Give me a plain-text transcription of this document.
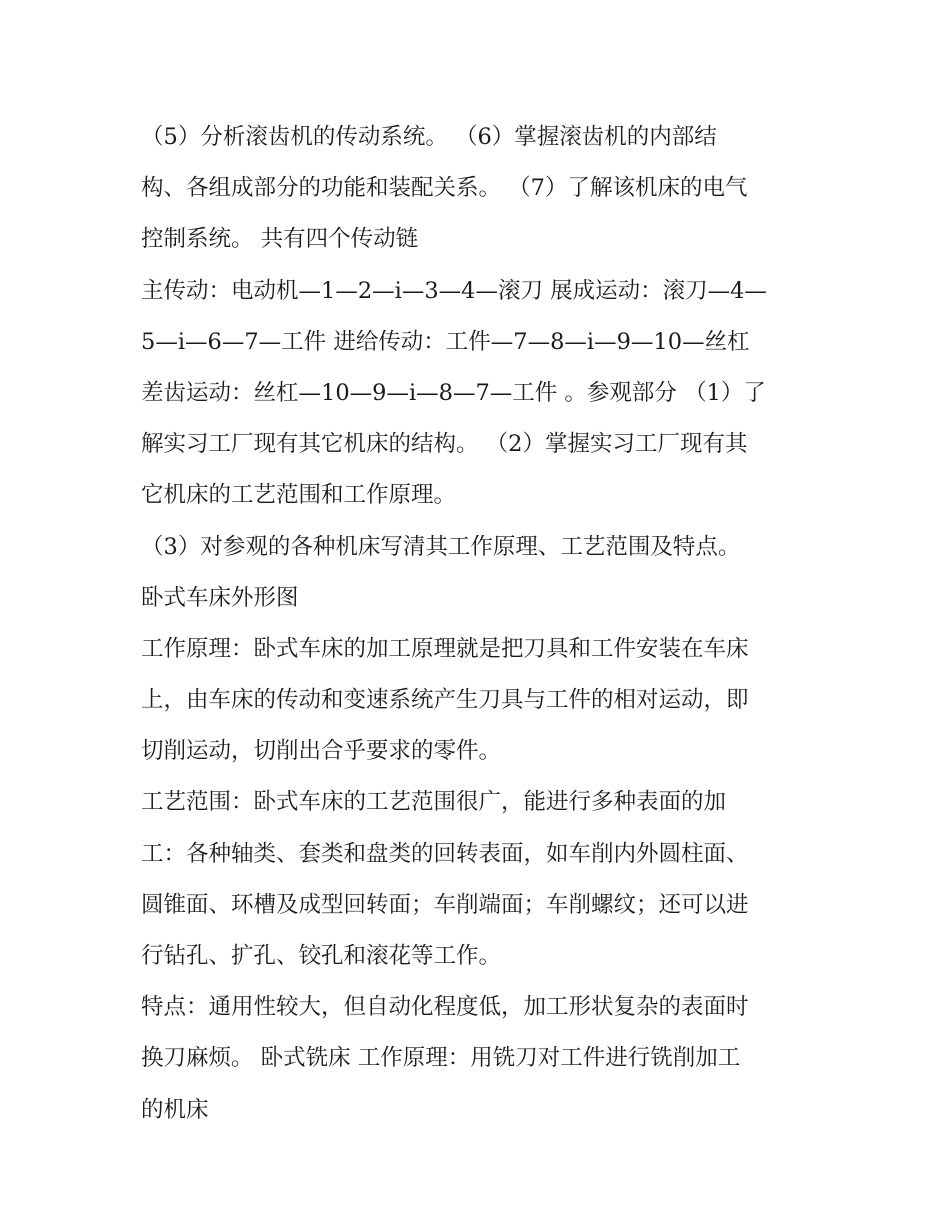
（5）分析滚齿机的传动系统。 （6）掌握滚齿机的内部结
构、各组成部分的功能和装配关系。 （7）了解该机床的电气
控制系统。 共有四个传动链
主传动：电动机—1—2—i—3—4—滚刀 展成运动：滚刀—4—
5—i—6—7—工件 进给传动：工件—7—8—i—9—10—丝杠
差齿运动：丝杠—10—9—i—8—7—工件 。参观部分 （1）了
解实习工厂现有其它机床的结构。 （2）掌握实习工厂现有其
它机床的工艺范围和工作原理。
（3）对参观的各种机床写清其工作原理、工艺范围及特点。
卧式车床外形图
工作原理：卧式车床的加工原理就是把刀具和工件安装在车床
上，由车床的传动和变速系统产生刀具与工件的相对运动，即
切削运动，切削出合乎要求的零件。
工艺范围：卧式车床的工艺范围很广，能进行多种表面的加
工：各种轴类、套类和盘类的回转表面，如车削内外圆柱面、
圆锥面、环槽及成型回转面；车削端面；车削螺纹；还可以进
行钻孔、扩孔、铰孔和滚花等工作。
特点：通用性较大，但自动化程度低，加工形状复杂的表面时
换刀麻烦。 卧式铣床 工作原理：用铣刀对工件进行铣削加工
的机床
